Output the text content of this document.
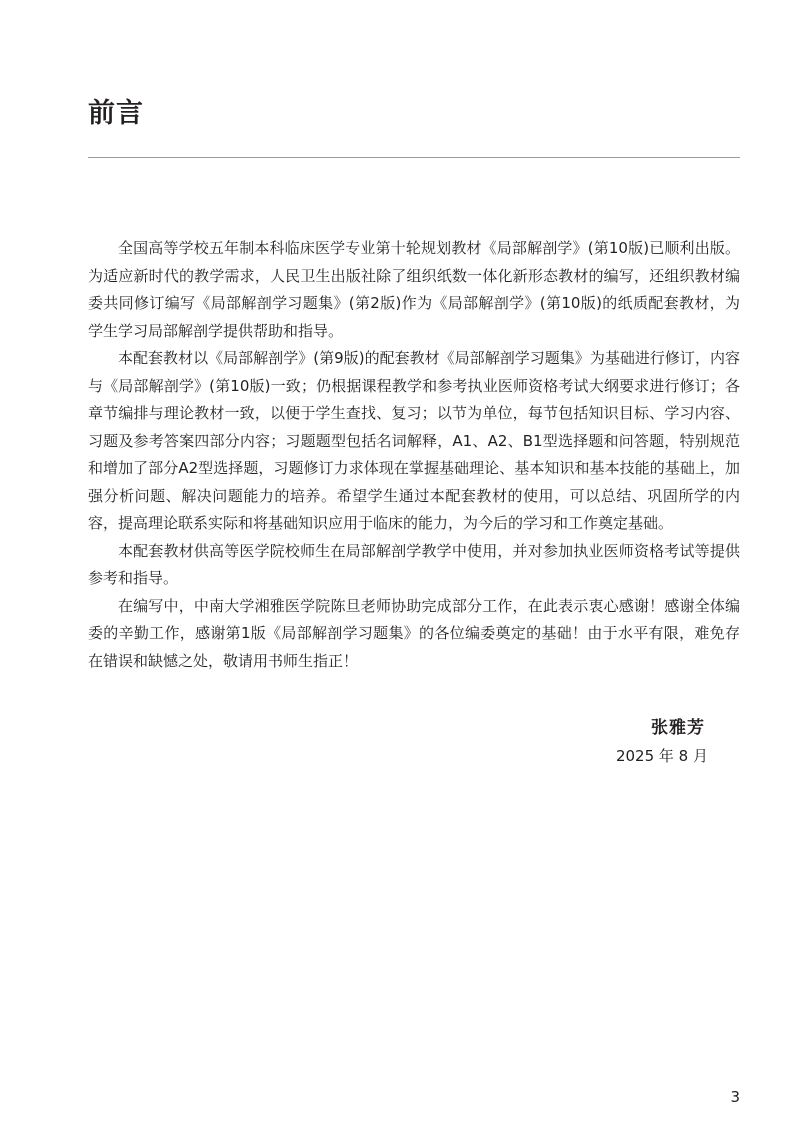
前言

全国高等学校五年制本科临床医学专业第十轮规划教材《局部解剖学》(第10版)已顺利出版。为适应新时代的教学需求，人民卫生出版社除了组织纸数一体化新形态教材的编写，还组织教材编委共同修订编写《局部解剖学习题集》(第2版)作为《局部解剖学》(第10版)的纸质配套教材，为学生学习局部解剖学提供帮助和指导。

本配套教材以《局部解剖学》(第9版)的配套教材《局部解剖学习题集》为基础进行修订，内容与《局部解剖学》(第10版)一致；仍根据课程教学和参考执业医师资格考试大纲要求进行修订；各章节编排与理论教材一致，以便于学生查找、复习；以节为单位，每节包括知识目标、学习内容、习题及参考答案四部分内容；习题题型包括名词解释，A1、A2、B1型选择题和问答题，特别规范和增加了部分A2型选择题，习题修订力求体现在掌握基础理论、基本知识和基本技能的基础上，加强分析问题、解决问题能力的培养。希望学生通过本配套教材的使用，可以总结、巩固所学的内容，提高理论联系实际和将基础知识应用于临床的能力，为今后的学习和工作奠定基础。

本配套教材供高等医学院校师生在局部解剖学教学中使用，并对参加执业医师资格考试等提供参考和指导。

在编写中，中南大学湘雅医学院陈旦老师协助完成部分工作，在此表示衷心感谢！感谢全体编委的辛勤工作，感谢第1版《局部解剖学习题集》的各位编委奠定的基础！由于水平有限，难免存在错误和缺憾之处，敬请用书师生指正！

张雅芳
2025 年 8 月
3
